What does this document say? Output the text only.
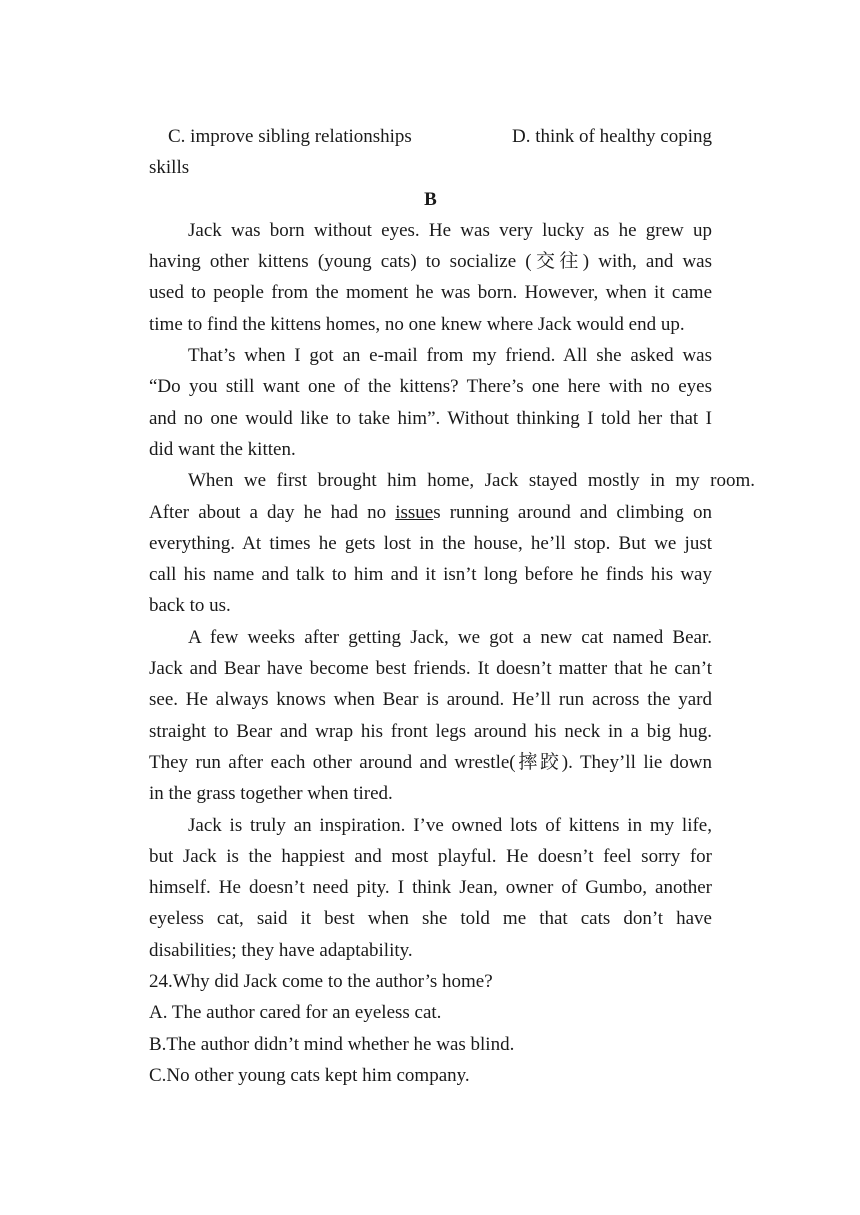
C. improve sibling relationships	D. think of healthy coping
skills
B
Jack was born without eyes. He was very lucky as he grew up
having other kittens (young cats) to socialize (交往) with, and was
used to people from the moment he was born. However, when it came
time to find the kittens homes, no one knew where Jack would end up.
That’s when I got an e-mail from my friend. All she asked was
“Do you still want one of the kittens? There’s one here with no eyes
and no one would like to take him”. Without thinking I told her that I
did want the kitten.
When we first brought him home, Jack stayed mostly in my room.
After about a day he had no issues running around and climbing on
everything. At times he gets lost in the house, he’ll stop. But we just
call his name and talk to him and it isn’t long before he finds his way
back to us.
A few weeks after getting Jack, we got a new cat named Bear.
Jack and Bear have become best friends. It doesn’t matter that he can’t
see. He always knows when Bear is around. He’ll run across the yard
straight to Bear and wrap his front legs around his neck in a big hug.
They run after each other around and wrestle(摔跤). They’ll lie down
in the grass together when tired.
Jack is truly an inspiration. I’ve owned lots of kittens in my life,
but Jack is the happiest and most playful. He doesn’t feel sorry for
himself. He doesn’t need pity. I think Jean, owner of Gumbo, another
eyeless cat, said it best when she told me that cats don’t have
disabilities; they have adaptability.
24.Why did Jack come to the author’s home?
A. The author cared for an eyeless cat.
B.The author didn’t mind whether he was blind.
C.No other young cats kept him company.
